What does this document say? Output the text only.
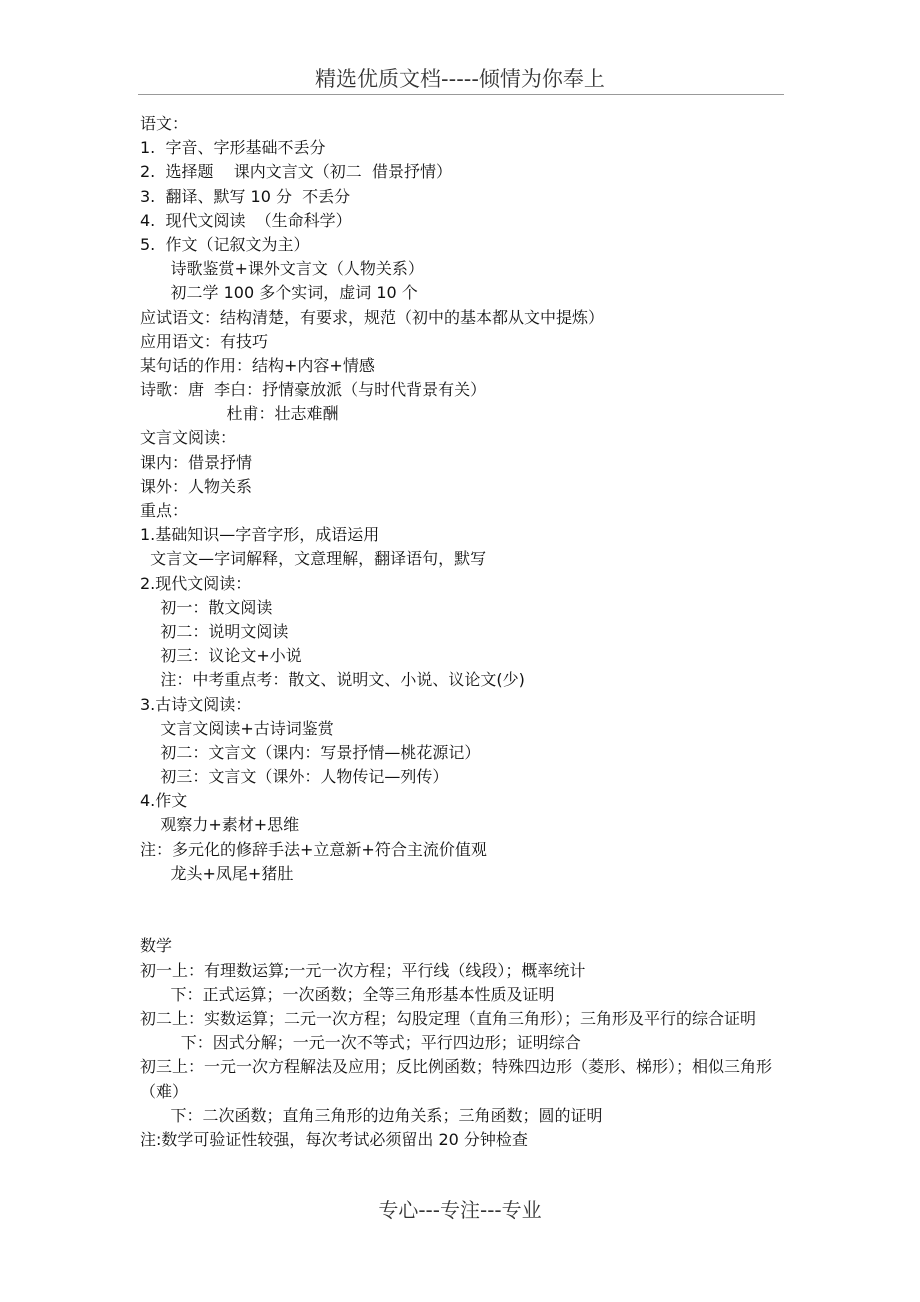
精选优质文档-----倾情为你奉上
语文：
1.  字音、字形基础不丢分
2.  选择题    课内文言文（初二  借景抒情）
3.  翻译、默写 10 分  不丢分
4.  现代文阅读  （生命科学）
5.  作文（记叙文为主）
诗歌鉴赏+课外文言文（人物关系）
初二学 100 多个实词，虚词 10 个
应试语文：结构清楚，有要求，规范（初中的基本都从文中提炼）
应用语文：有技巧
某句话的作用：结构+内容+情感
诗歌：唐  李白：抒情豪放派（与时代背景有关）
杜甫：壮志难酬
文言文阅读：
课内：借景抒情
课外：人物关系
重点：
1.基础知识—字音字形，成语运用
文言文—字词解释，文意理解，翻译语句，默写
2.现代文阅读：
初一：散文阅读
初二：说明文阅读
初三：议论文+小说
注：中考重点考：散文、说明文、小说、议论文(少)
3.古诗文阅读：
文言文阅读+古诗词鉴赏
初二：文言文（课内：写景抒情—桃花源记）
初三：文言文（课外：人物传记—列传）
4.作文
观察力+素材+思维
注：多元化的修辞手法+立意新+符合主流价值观
龙头+凤尾+猪肚
数学
初一上：有理数运算;一元一次方程；平行线（线段）；概率统计
下：正式运算；一次函数；全等三角形基本性质及证明
初二上：实数运算；二元一次方程；勾股定理（直角三角形）；三角形及平行的综合证明
下：因式分解；一元一次不等式；平行四边形；证明综合
初三上：一元一次方程解法及应用；反比例函数；特殊四边形（菱形、梯形）；相似三角形（难）
下：二次函数；直角三角形的边角关系；三角函数；圆的证明
注:数学可验证性较强，每次考试必须留出 20 分钟检查
专心---专注---专业
